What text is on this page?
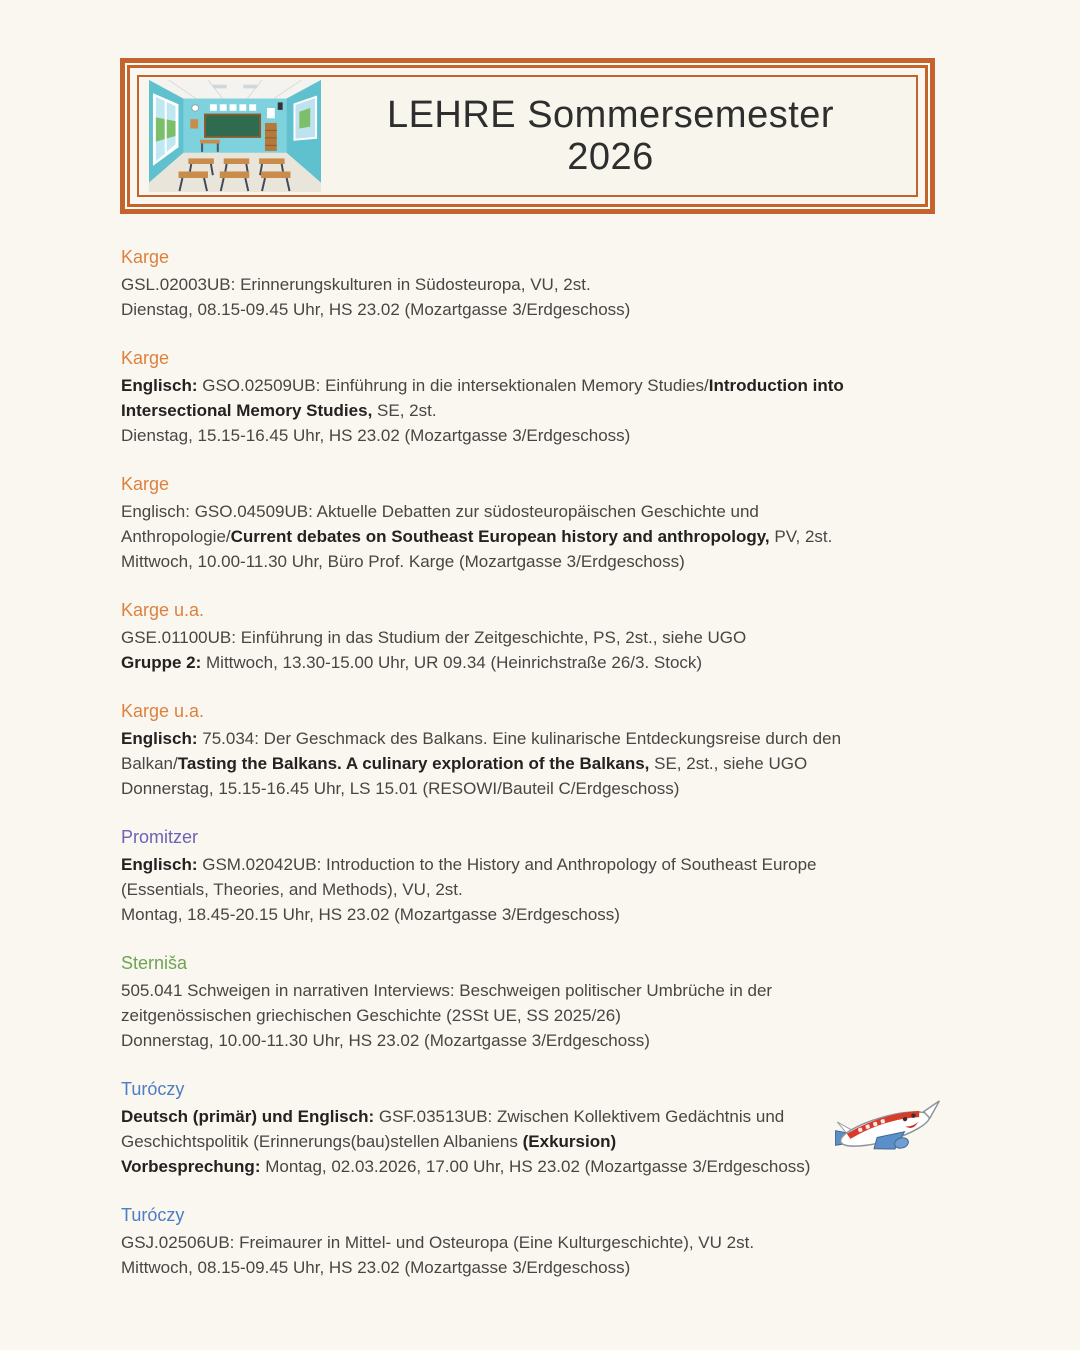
LEHRE Sommersemester 2026
Karge
GSL.02003UB: Erinnerungskulturen in Südosteuropa, VU, 2st.
Dienstag, 08.15-09.45 Uhr, HS 23.02 (Mozartgasse 3/Erdgeschoss)
Karge
Englisch: GSO.02509UB: Einführung in die intersektionalen Memory Studies/Introduction into
Intersectional Memory Studies, SE, 2st.
Dienstag, 15.15-16.45 Uhr, HS 23.02 (Mozartgasse 3/Erdgeschoss)
Karge
Englisch: GSO.04509UB: Aktuelle Debatten zur südosteuropäischen Geschichte und
Anthropologie/Current debates on Southeast European history and anthropology, PV, 2st.
Mittwoch, 10.00-11.30 Uhr, Büro Prof. Karge (Mozartgasse 3/Erdgeschoss)
Karge u.a.
GSE.01100UB: Einführung in das Studium der Zeitgeschichte, PS, 2st., siehe UGO
Gruppe 2: Mittwoch, 13.30-15.00 Uhr, UR 09.34 (Heinrichstraße 26/3. Stock)
Karge u.a.
Englisch: 75.034: Der Geschmack des Balkans. Eine kulinarische Entdeckungsreise durch den
Balkan/Tasting the Balkans. A culinary exploration of the Balkans, SE, 2st., siehe UGO
Donnerstag, 15.15-16.45 Uhr, LS 15.01 (RESOWI/Bauteil C/Erdgeschoss)
Promitzer
Englisch: GSM.02042UB: Introduction to the History and Anthropology of Southeast Europe
(Essentials, Theories, and Methods), VU, 2st.
Montag, 18.45-20.15 Uhr, HS 23.02 (Mozartgasse 3/Erdgeschoss)
Sterniša
505.041 Schweigen in narrativen Interviews: Beschweigen politischer Umbrüche in der
zeitgenössischen griechischen Geschichte (2SSt UE, SS 2025/26)
Donnerstag, 10.00-11.30 Uhr, HS 23.02 (Mozartgasse 3/Erdgeschoss)
Turóczy
Deutsch (primär) und Englisch: GSF.03513UB: Zwischen Kollektivem Gedächtnis und
Geschichtspolitik (Erinnerungs(bau)stellen Albaniens (Exkursion)
Vorbesprechung: Montag, 02.03.2026, 17.00 Uhr, HS 23.02 (Mozartgasse 3/Erdgeschoss)
Turóczy
GSJ.02506UB: Freimaurer in Mittel- und Osteuropa (Eine Kulturgeschichte), VU 2st.
Mittwoch, 08.15-09.45 Uhr, HS 23.02 (Mozartgasse 3/Erdgeschoss)
